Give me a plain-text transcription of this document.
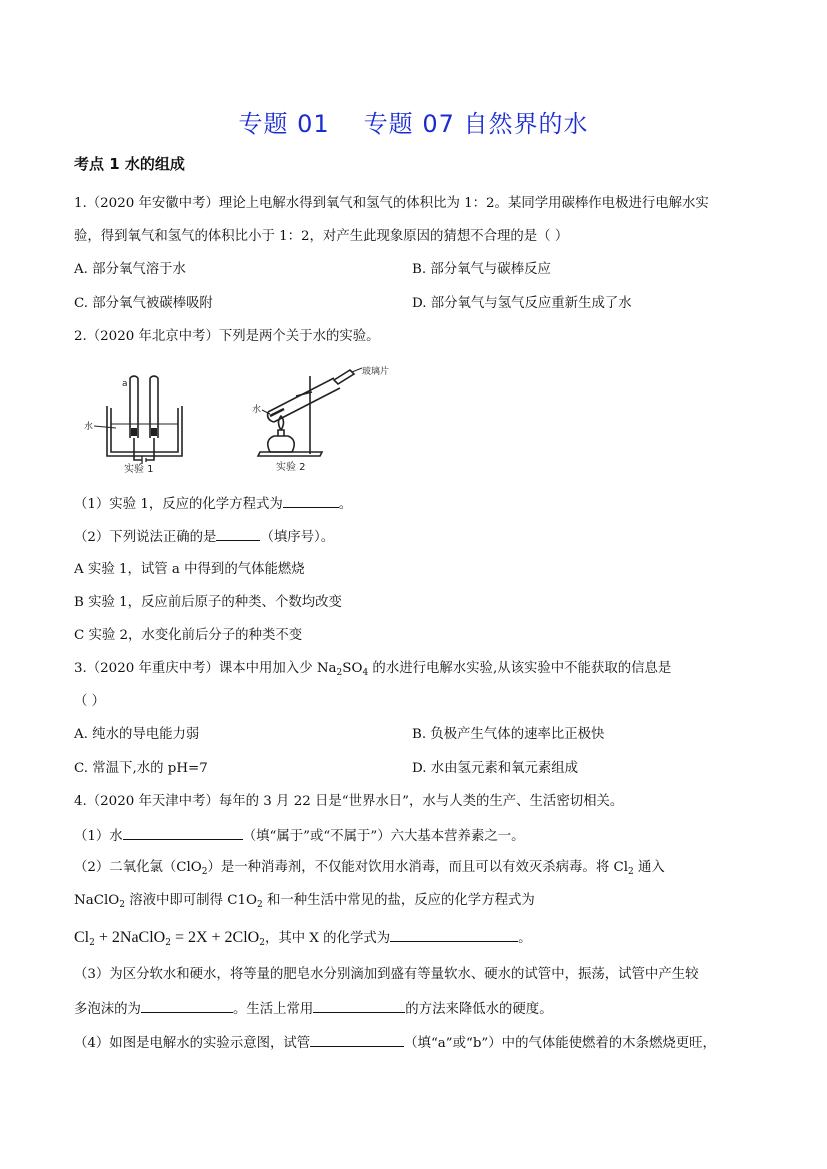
专题 01 专题 07 自然界的水
考点 1 水的组成
1.（2020 年安徽中考）理论上电解水得到氧气和氢气的体积比为 1：2。某同学用碳棒作电极进行电解水实
验，得到氧气和氢气的体积比小于 1：2，对产生此现象原因的猜想不合理的是（ ）
A. 部分氧气溶于水	B. 部分氧气与碳棒反应
C. 部分氧气被碳棒吸附	D. 部分氧气与氢气反应重新生成了水
2.（2020 年北京中考）下列是两个关于水的实验。
a
水
实验 1
水
玻璃片
实验 2
（1）实验 1，反应的化学方程式为	。
（2）下列说法正确的是	（填序号）。
A 实验 1，试管 a 中得到的气体能燃烧
B 实验 1，反应前后原子的种类、个数均改变
C 实验 2，水变化前后分子的种类不变
3.（2020 年重庆中考）课本中用加入少 $Na_2SO_4$ 的水进行电解水实验,从该实验中不能获取的信息是
（ ）
A. 纯水的导电能力弱	B. 负极产生气体的速率比正极快
C. 常温下,水的 pH=7	D. 水由氢元素和氧元素组成
4.（2020 年天津中考）每年的 3 月 22 日是“世界水日”，水与人类的生产、生活密切相关。
（1）水	（填“属于”或“不属于”）六大基本营养素之一。
（2）二氧化氯（ClO$_2$）是一种消毒剂，不仅能对饮用水消毒，而且可以有效灭杀病毒。将 $Cl_2$ 通入
NaClO$_2$ 溶液中即可制得 $C1O_2$ 和一种生活中常见的盐，反应的化学方程式为
$Cl_2$ + 2NaClO$_2$ = 2X + 2ClO$_2$，其中 X 的化学式为	。
（3）为区分软水和硬水，将等量的肥皂水分别滴加到盛有等量软水、硬水的试管中，振荡，试管中产生较
多泡沫的为	。生活上常用	的方法来降低水的硬度。
（4）如图是电解水的实验示意图，试管	（填“a”或“b”）中的气体能使燃着的木条燃烧更旺，
